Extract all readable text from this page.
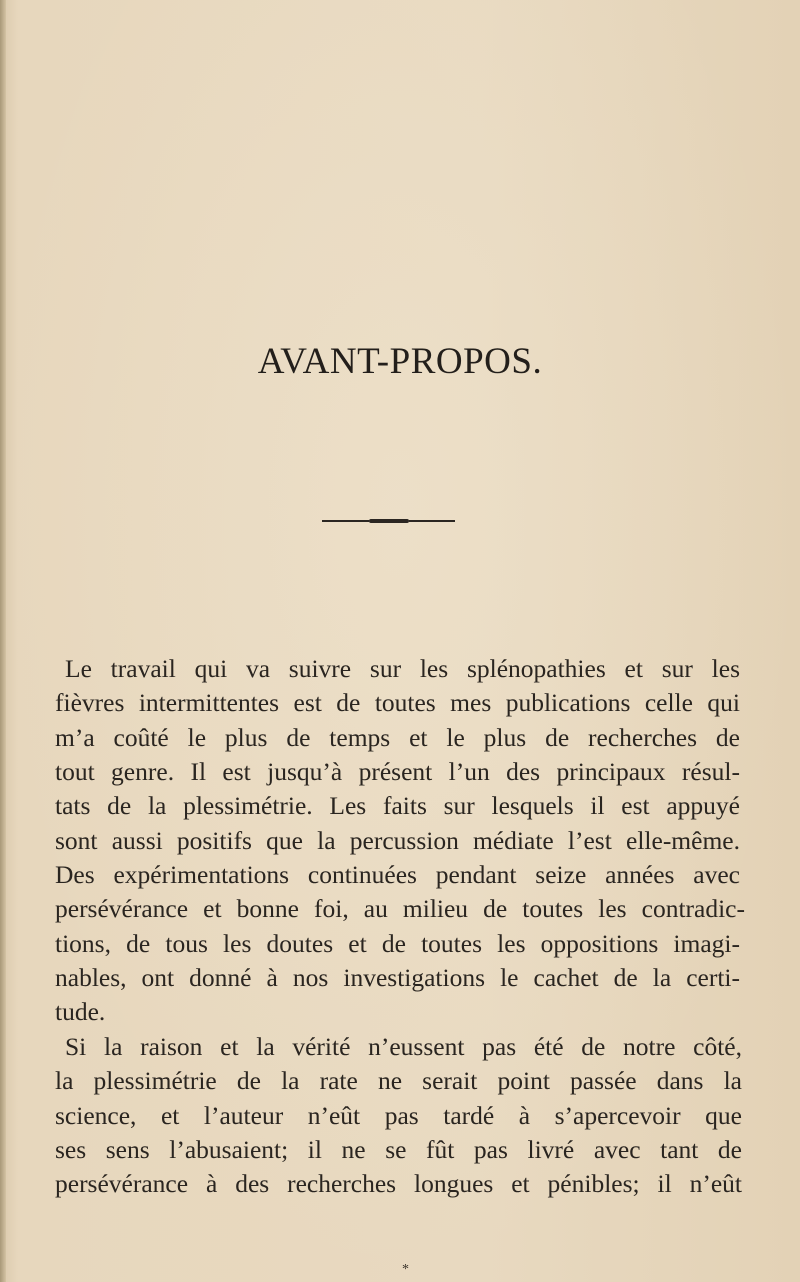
AVANT-PROPOS.
Le travail qui va suivre sur les splénopathies et sur les
fièvres intermittentes est de toutes mes publications celle qui
m’a coûté le plus de temps et le plus de recherches de
tout genre. Il est jusqu’à présent l’un des principaux résul-
tats de la plessimétrie. Les faits sur lesquels il est appuyé
sont aussi positifs que la percussion médiate l’est elle-même.
Des expérimentations continuées pendant seize années avec
persévérance et bonne foi, au milieu de toutes les contradic-
tions, de tous les doutes et de toutes les oppositions imagi-
nables, ont donné à nos investigations le cachet de la certi-
tude.
Si la raison et la vérité n’eussent pas été de notre côté,
la plessimétrie de la rate ne serait point passée dans la
science, et l’auteur n’eût pas tardé à s’apercevoir que
ses sens l’abusaient; il ne se fût pas livré avec tant de
persévérance à des recherches longues et pénibles; il n’eût
*
